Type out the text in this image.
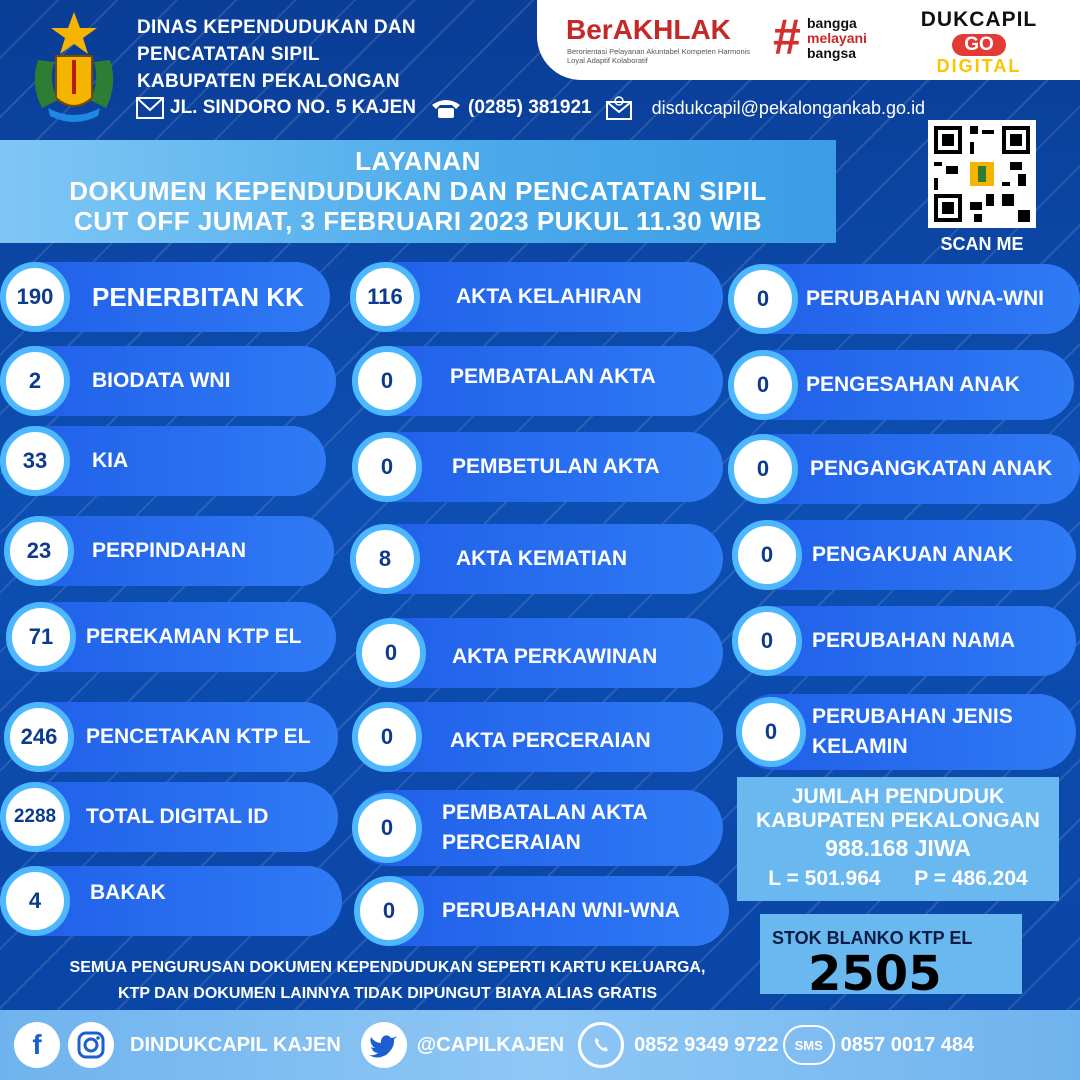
DINAS KEPENDUDUKAN DAN
PENCATATAN SIPIL
KABUPATEN PEKALONGAN
JL. SINDORO NO. 5 KAJEN	(0285) 381921	disdukcapil@pekalongankab.go.id
BerAKHLAK
Berorientasi Pelayanan Akuntabel Kompeten Harmonis Loyal Adaptif Kolaboratif	# bangga
melayani
bangsa
DUKCAPIL
GO
DIGITAL
LAYANAN
DOKUMEN KEPENDUDUKAN DAN PENCATATAN SIPIL
CUT OFF JUMAT, 3 FEBRUARI 2023 PUKUL 11.30 WIB
SCAN ME
190	PENERBITAN KK
2	BIODATA WNI
33	KIA
23	PERPINDAHAN
71	PEREKAMAN KTP EL
246	PENCETAKAN KTP EL
2288	TOTAL DIGITAL ID
4	BAKAK
116	AKTA KELAHIRAN
0	PEMBATALAN AKTA
0	PEMBETULAN AKTA
8	AKTA KEMATIAN
0	AKTA PERKAWINAN
0	AKTA PERCERAIAN
0
PEMBATALAN AKTA
PERCERAIAN
0	PERUBAHAN WNI-WNA
0	PERUBAHAN WNA-WNI
0	PENGESAHAN ANAK
0	PENGANGKATAN ANAK
0	PENGAKUAN ANAK
0	PERUBAHAN NAMA
0
PERUBAHAN JENIS
KELAMIN
JUMLAH PENDUDUK
KABUPATEN PEKALONGAN
988.168 JIWA
L = 501.964 P = 486.204
STOK BLANKO KTP EL
2505
SEMUA PENGURUSAN DOKUMEN KEPENDUDUKAN SEPERTI KARTU KELUARGA,
KTP DAN DOKUMEN LAINNYA TIDAK DIPUNGUT BIAYA ALIAS GRATIS
f	DINDUKCAPIL KAJEN	@CAPILKAJEN	0852 9349 9722	SMS 0857 0017 484
